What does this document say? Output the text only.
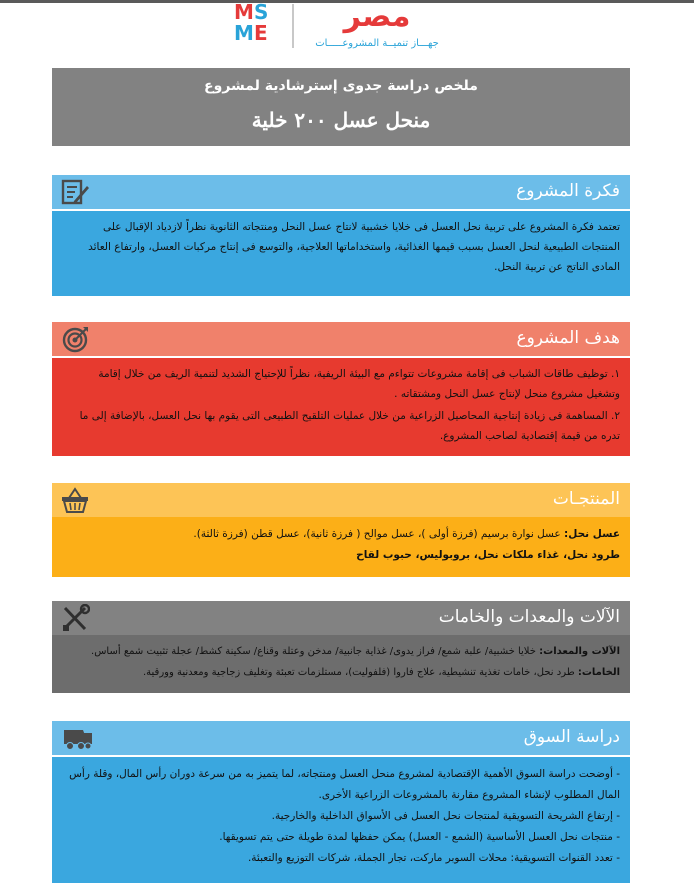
M S
M E	مصر
جهـــاز تنميــة المشروعـــــات
ملخص دراسة جدوى إسترشادية لمشروع
منحل عسل ٢٠٠ خلية
فكرة المشروع

تعتمد فكرة المشروع على تربية نحل العسل فى خلايا خشبية لانتاج عسل النحل ومنتجاته الثانوية نظراً لازدياد الإقبال على المنتجات الطبيعية لنحل العسل بسبب قيمها الغذائية، واستخداماتها العلاجية، والتوسع فى إنتاج مركبات العسل، وارتفاع العائد المادى الناتج عن تربية النحل.

هدف المشروع

١. توظيف طاقات الشباب فى إقامة مشروعات تتواءم مع البيئة الريفية، نظراً للإحتياج الشديد لتنمية الريف من خلال إقامة وتشغيل مشروع منحل لإنتاج عسل النحل ومشتقاته .

٢. المساهمة فى زيادة إنتاجية المحاصيل الزراعية من خلال عمليات التلقيح الطبيعى التى يقوم بها نحل العسل، بالإضافة إلى ما تدره من قيمة إقتصادية لصاحب المشروع.

المنتجـات

عسل نحل: عسل نوارة برسيم (فرزة أولى )، عسل موالح ( فرزة ثانية)، عسل قطن (فرزة ثالثة).

طرود نحل، غذاء ملكات نحل، بروبوليس، حبوب لقاح

الآلات والمعدات والخامات

الآلات والمعدات: خلايا خشبية/ علبة شمع/ فراز يدوى/ غذاية جانبية/ مدخن وعتلة وقناع/ سكينة كشط/ عجلة تثبيت شمع أساس.

الخامات: طرد نحل، خامات تغذية تنشيطية، علاج فاروا (فلفوليت)، مستلزمات تعبئة وتغليف زجاجية ومعدنية وورقية.

دراسة السوق

- أوضحت دراسة السوق الأهمية الإقتصادية لمشروع منحل العسل ومنتجاته، لما يتميز به من سرعة دوران رأس المال، وقلة رأس المال المطلوب لإنشاء المشروع مقارنة بالمشروعات الزراعية الأخرى.

- إرتفاع الشريحة التسويقية لمنتجات نحل العسل فى الأسواق الداخلية والخارجية.

- منتجات نحل العسل الأساسية (الشمع - العسل) يمكن حفظها لمدة طويلة حتى يتم تسويقها.

- تعدد القنوات التسويقية: محلات السوبر ماركت، تجار الجملة، شركات التوزيع والتعبئة.
